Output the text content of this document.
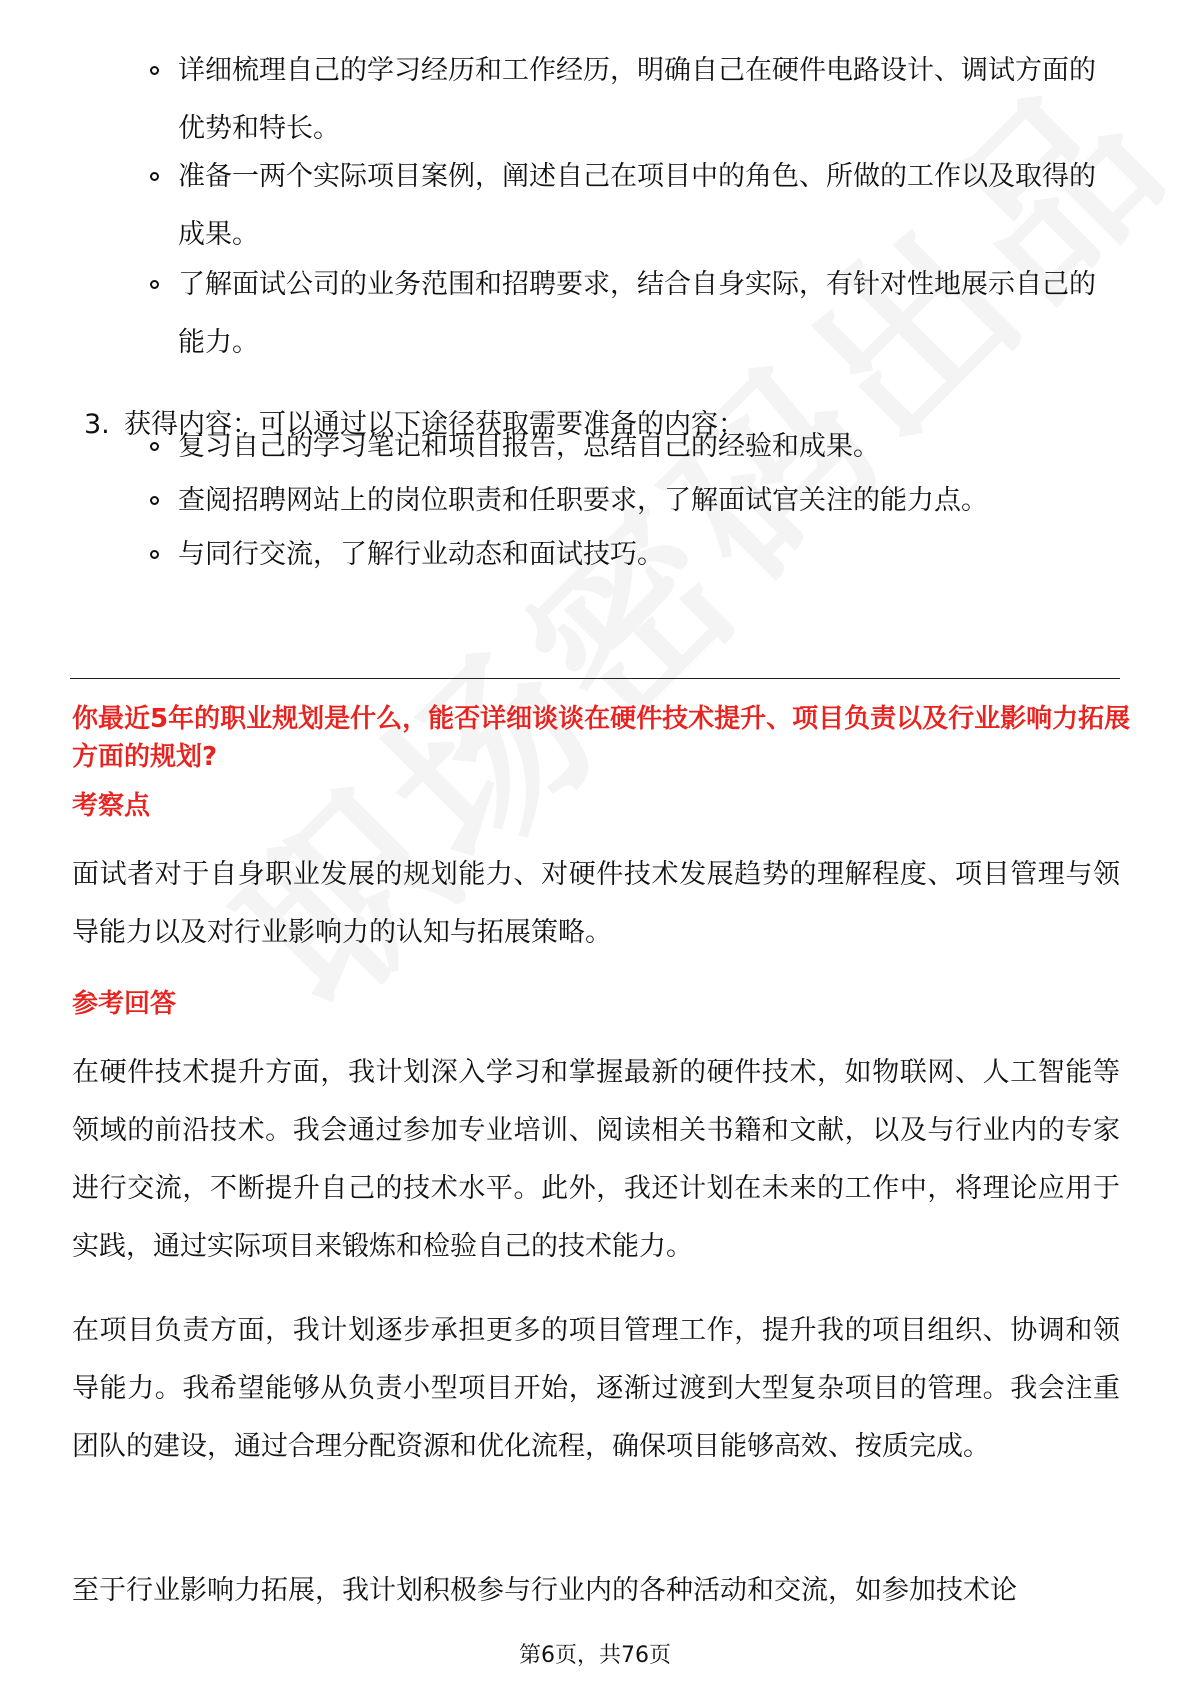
详细梳理自己的学习经历和工作经历，明确自己在硬件电路设计、调试方面的优势和特长。
准备一两个实际项目案例，阐述自己在项目中的角色、所做的工作以及取得的成果。
了解面试公司的业务范围和招聘要求，结合自身实际，有针对性地展示自己的能力。

3. 获得内容：可以通过以下途径获取需要准备的内容：

复习自己的学习笔记和项目报告，总结自己的经验和成果。
查阅招聘网站上的岗位职责和任职要求，了解面试官关注的能力点。
与同行交流，了解行业动态和面试技巧。

你最近5年的职业规划是什么，能否详细谈谈在硬件技术提升、项目负责以及行业影响力拓展方面的规划?

考察点

面试者对于自身职业发展的规划能力、对硬件技术发展趋势的理解程度、项目管理与领导能力以及对行业影响力的认知与拓展策略。

参考回答

在硬件技术提升方面，我计划深入学习和掌握最新的硬件技术，如物联网、人工智能等领域的前沿技术。我会通过参加专业培训、阅读相关书籍和文献，以及与行业内的专家进行交流，不断提升自己的技术水平。此外，我还计划在未来的工作中，将理论应用于实践，通过实际项目来锻炼和检验自己的技术能力。

在项目负责方面，我计划逐步承担更多的项目管理工作，提升我的项目组织、协调和领导能力。我希望能够从负责小型项目开始，逐渐过渡到大型复杂项目的管理。我会注重团队的建设，通过合理分配资源和优化流程，确保项目能够高效、按质完成。

至于行业影响力拓展，我计划积极参与行业内的各种活动和交流，如参加技术论

第6页，共76页
